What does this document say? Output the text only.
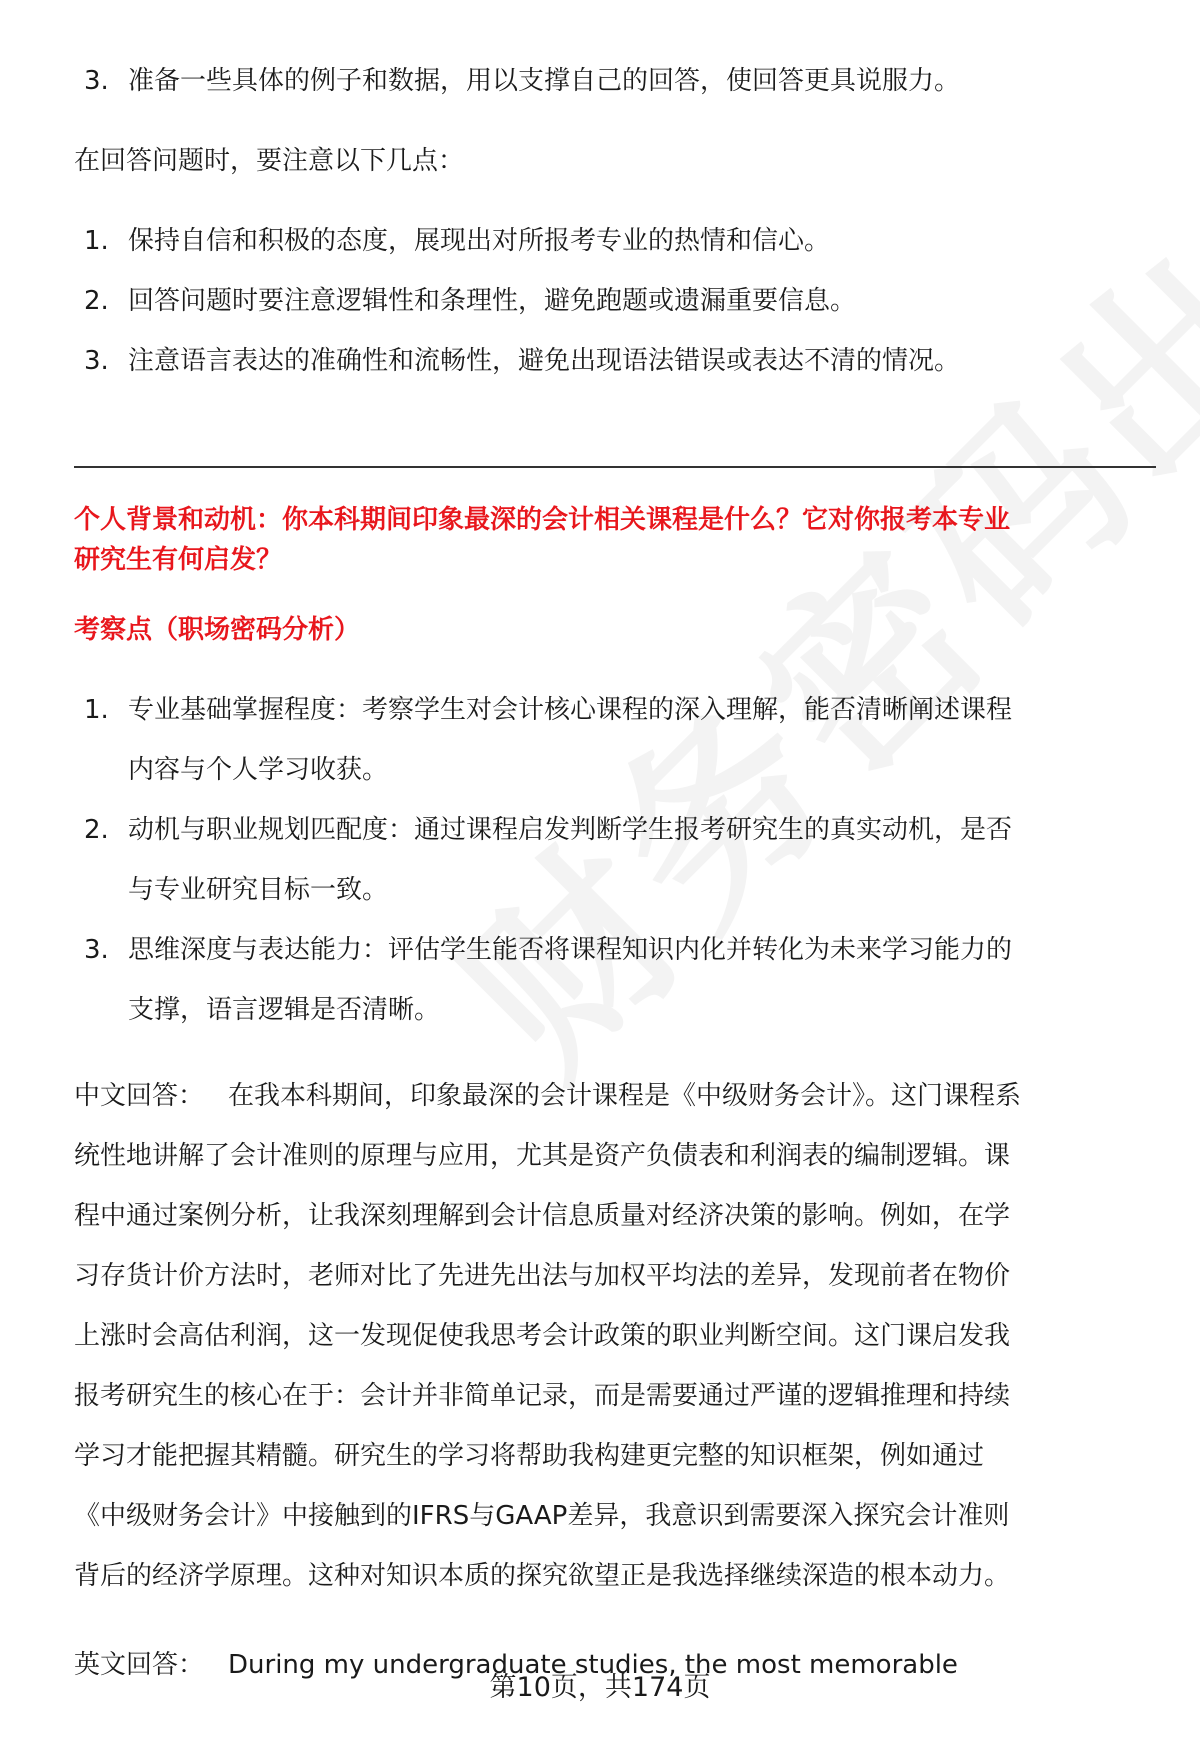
3. 准备一些具体的例子和数据，用以支撑自己的回答，使回答更具说服力。

在回答问题时，要注意以下几点：

1. 保持自信和积极的态度，展现出对所报考专业的热情和信心。
2. 回答问题时要注意逻辑性和条理性，避免跑题或遗漏重要信息。
3. 注意语言表达的准确性和流畅性，避免出现语法错误或表达不清的情况。

个人背景和动机：你本科期间印象最深的会计相关课程是什么？它对你报考本专业

研究生有何启发？

考察点（职场密码分析）

1. 专业基础掌握程度：考察学生对会计核心课程的深入理解，能否清晰阐述课程
内容与个人学习收获。
2. 动机与职业规划匹配度：通过课程启发判断学生报考研究生的真实动机，是否
与专业研究目标一致。
3. 思维深度与表达能力：评估学生能否将课程知识内化并转化为未来学习能力的
支撑，语言逻辑是否清晰。

中文回答： 在我本科期间，印象最深的会计课程是《中级财务会计》。这门课程系

统性地讲解了会计准则的原理与应用，尤其是资产负债表和利润表的编制逻辑。课

程中通过案例分析，让我深刻理解到会计信息质量对经济决策的影响。例如，在学

习存货计价方法时，老师对比了先进先出法与加权平均法的差异，发现前者在物价

上涨时会高估利润，这一发现促使我思考会计政策的职业判断空间。这门课启发我

报考研究生的核心在于：会计并非简单记录，而是需要通过严谨的逻辑推理和持续

学习才能把握其精髓。研究生的学习将帮助我构建更完整的知识框架，例如通过

《中级财务会计》中接触到的IFRS与GAAP差异，我意识到需要深入探究会计准则

背后的经济学原理。这种对知识本质的探究欲望正是我选择继续深造的根本动力。

英文回答： During my undergraduate studies, the most memorable

第10页，共174页
